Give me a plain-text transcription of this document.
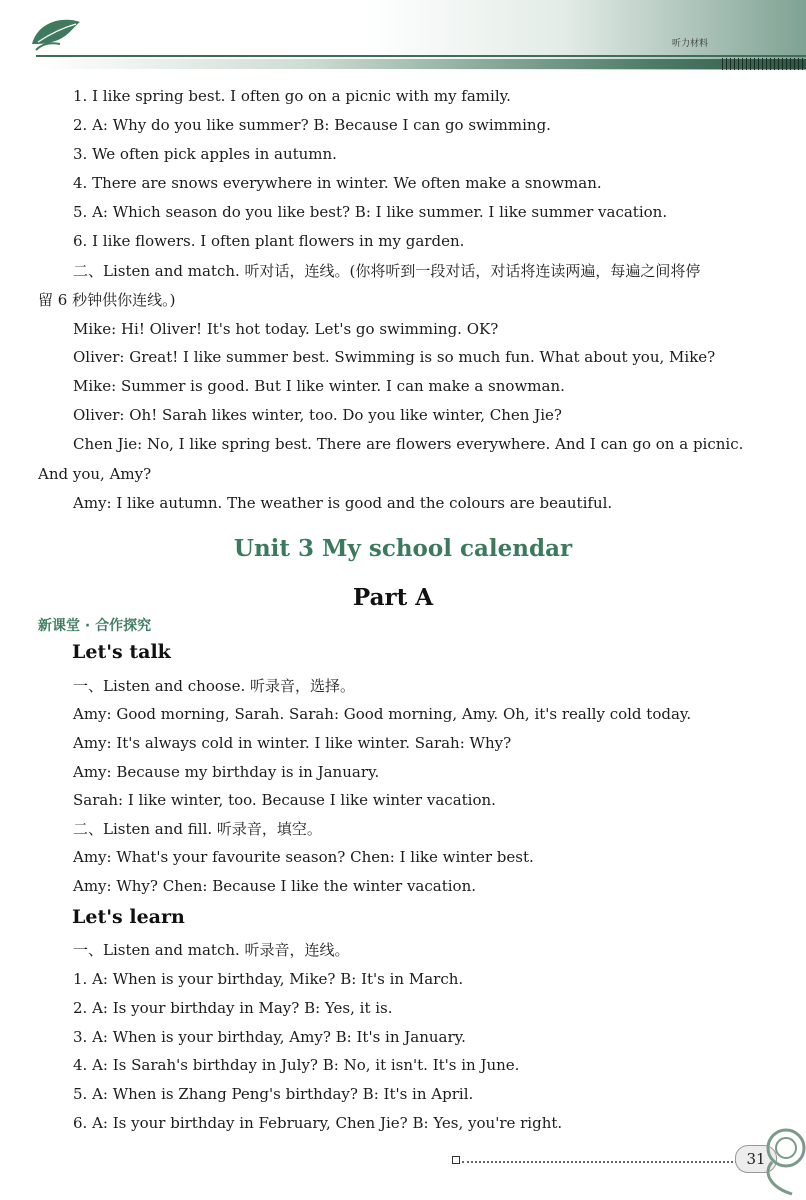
听力材料
1. I like spring best. I often go on a picnic with my family.
2. A: Why do you like summer? B: Because I can go swimming.
3. We often pick apples in autumn.
4. There are snows everywhere in winter. We often make a snowman.
5. A: Which season do you like best? B: I like summer. I like summer vacation.
6. I like flowers. I often plant flowers in my garden.
二、Listen and match. 听对话，连线。(你将听到一段对话，对话将连读两遍，每遍之间将停
留 6 秒钟供你连线。)
Mike: Hi! Oliver! It's hot today. Let's go swimming. OK?
Oliver: Great! I like summer best. Swimming is so much fun. What about you, Mike?
Mike: Summer is good. But I like winter. I can make a snowman.
Oliver: Oh! Sarah likes winter, too. Do you like winter, Chen Jie?
Chen Jie: No, I like spring best. There are flowers everywhere. And I can go on a picnic.
And you, Amy?
Amy: I like autumn. The weather is good and the colours are beautiful.
Unit 3 My school calendar
Part A
新课堂 · 合作探究
Let's talk
一、Listen and choose. 听录音，选择。
Amy: Good morning, Sarah. Sarah: Good morning, Amy. Oh, it's really cold today.
Amy: It's always cold in winter. I like winter. Sarah: Why?
Amy: Because my birthday is in January.
Sarah: I like winter, too. Because I like winter vacation.
二、Listen and fill. 听录音，填空。
Amy: What's your favourite season? Chen: I like winter best.
Amy: Why? Chen: Because I like the winter vacation.
Let's learn
一、Listen and match. 听录音，连线。
1. A: When is your birthday, Mike? B: It's in March.
2. A: Is your birthday in May? B: Yes, it is.
3. A: When is your birthday, Amy? B: It's in January.
4. A: Is Sarah's birthday in July? B: No, it isn't. It's in June.
5. A: When is Zhang Peng's birthday? B: It's in April.
6. A: Is your birthday in February, Chen Jie? B: Yes, you're right.
31
